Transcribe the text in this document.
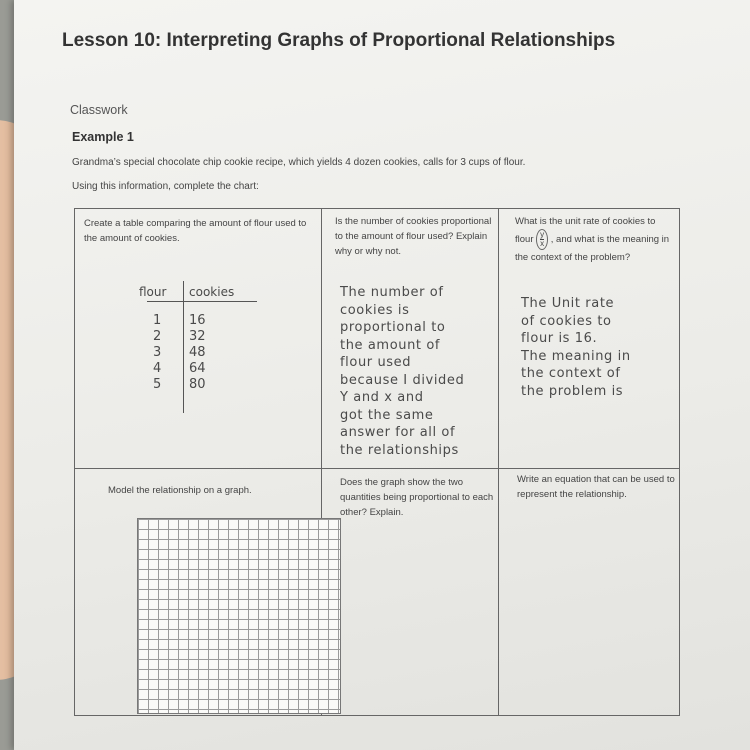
Lesson 10: Interpreting Graphs of Proportional Relationships
Classwork
Example 1

Grandma’s special chocolate chip cookie recipe, which yields 4 dozen cookies, calls for 3 cups of flour.

Using this information, complete the chart:

Create a table comparing the amount of flour used to the amount of cookies.
flour cookies
1
2
3
4
5
16
32
48
64
80
Is the number of cookies proportional to the amount of flour used? Explain why or why not.
The number of
cookies is
proportional to
the amount of
flour used
because I divided
Y and x and
got the same
answer for all of
the relationships
What is the unit rate of cookies to flour $\frac{y}{x}$ , and what is the meaning in the context of the problem?
The Unit rate
of cookies to
flour is 16.
The meaning in
the context of
the problem is
Model the relationship on a graph.
Does the graph show the two quantities being proportional to each other? Explain.
Write an equation that can be used to represent the relationship.
